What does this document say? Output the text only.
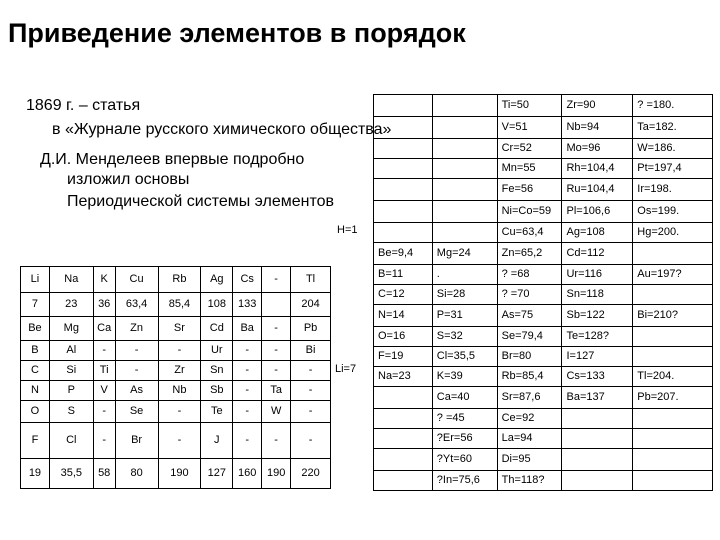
Приведение элементов в порядок
1869 г. – статья
в «Журнале русского химического общества»
Д.И. Менделеев впервые подробно
изложил основы
Периодической системы элементов
H=1
Li=7
		Ti=50	Zr=90	? =180.
		V=51	Nb=94	Ta=182.
		Cr=52	Mo=96	W=186.
		Mn=55	Rh=104,4	Pt=197,4
		Fe=56	Ru=104,4	Ir=198.
		Ni=Co=59	Pl=106,6	Os=199.
		Cu=63,4	Ag=108	Hg=200.
Be=9,4	Mg=24	Zn=65,2	Cd=112	
B=11	.	? =68	Ur=116	Au=197?
C=12	Si=28	? =70	Sn=118	
N=14	P=31	As=75	Sb=122	Bi=210?
O=16	S=32	Se=79,4	Te=128?	
F=19	Cl=35,5	Br=80	I=127	
Na=23	K=39	Rb=85,4	Cs=133	Tl=204.
	Ca=40	Sr=87,6	Ba=137	Pb=207.
	? =45	Ce=92		
	?Er=56	La=94		
	?Yt=60	Di=95		
	?In=75,6	Th=118?		
Li	Na	K	Cu	Rb	Ag	Cs	-	Tl
7	23	36	63,4	85,4	108	133		204
Be	Mg	Ca	Zn	Sr	Cd	Ba	-	Pb
B	Al	-	-	-	Ur	-	-	Bi
C	Si	Ti	-	Zr	Sn	-	-	-
N	P	V	As	Nb	Sb	-	Ta	-
O	S	-	Se	-	Te	-	W	-
F	Cl	-	Br	-	J	-	-	-
19	35,5	58	80	190	127	160	190	220
